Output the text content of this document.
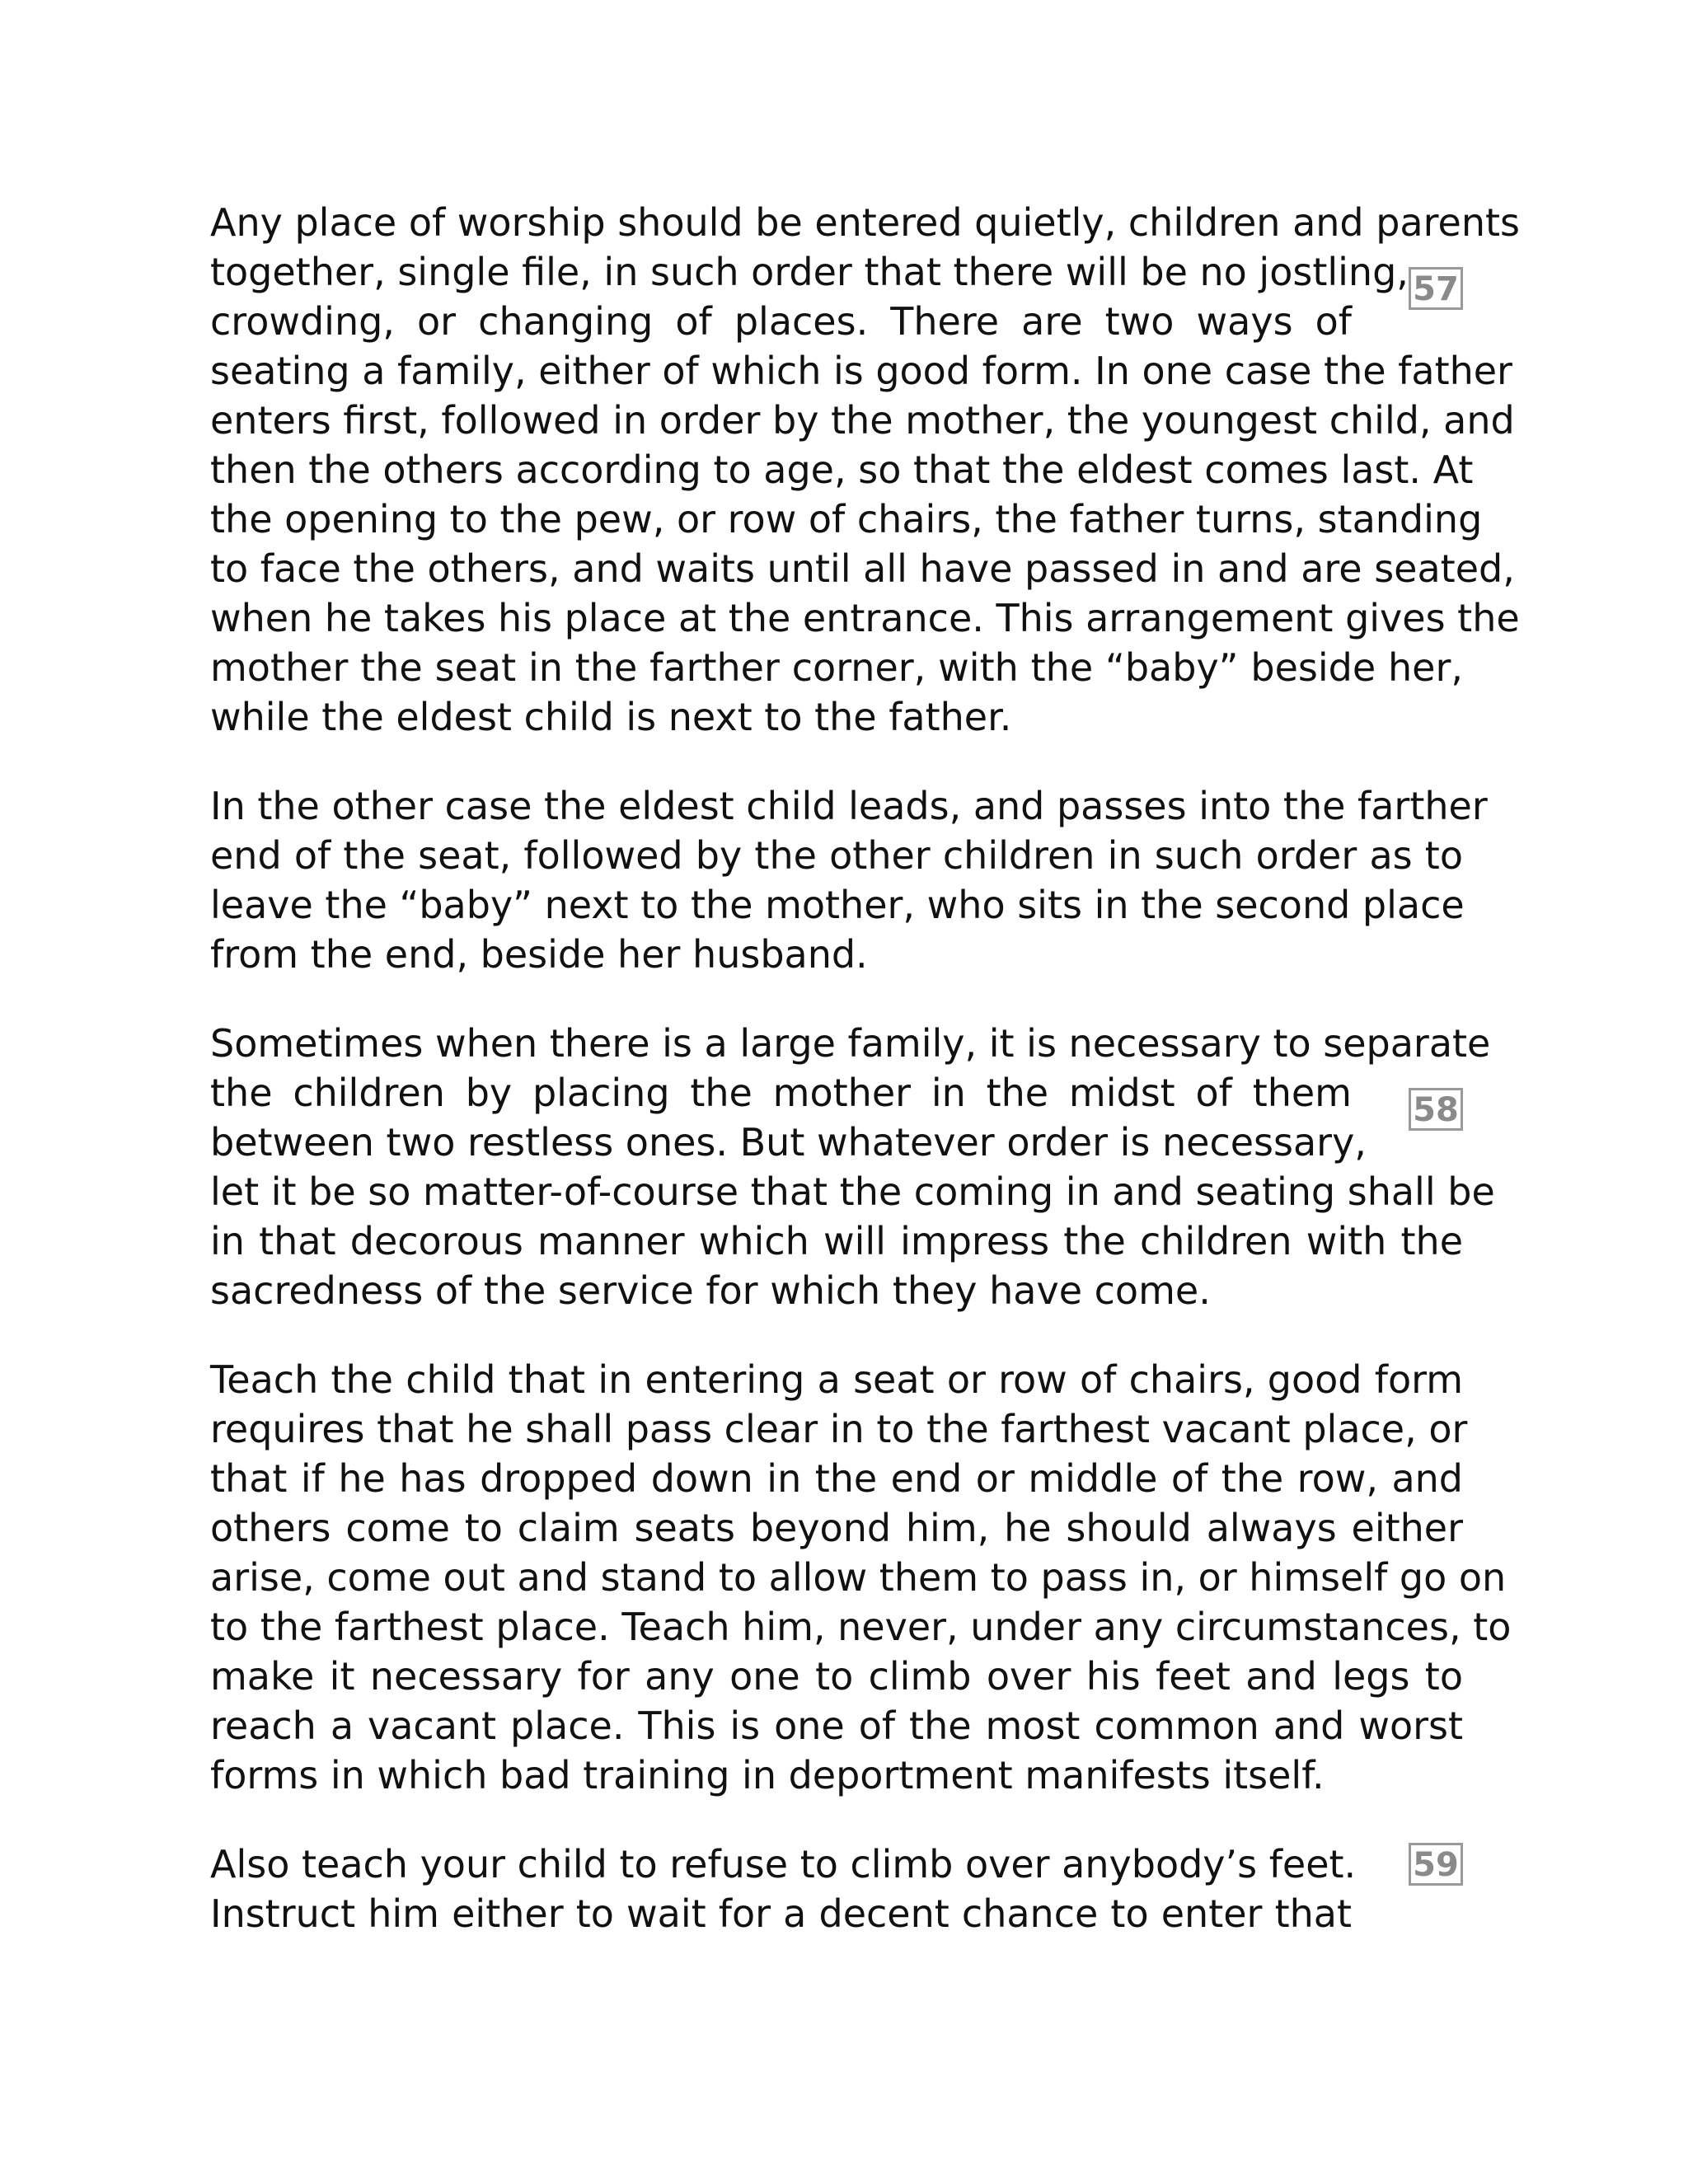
57

Any place of worship should be entered quietly, children and parents
together, single file, in such order that there will be no jostling,
crowding, or changing of places. There are two ways of
seating a family, either of which is good form. In one case the father
enters first, followed in order by the mother, the youngest child, and
then the others according to age, so that the eldest comes last. At
the opening to the pew, or row of chairs, the father turns, standing
to face the others, and waits until all have passed in and are seated,
when he takes his place at the entrance. This arrangement gives the
mother the seat in the farther corner, with the “baby” beside her,
while the eldest child is next to the father.

In the other case the eldest child leads, and passes into the farther
end of the seat, followed by the other children in such order as to
leave the “baby” next to the mother, who sits in the second place
from the end, beside her husband.

58

Sometimes when there is a large family, it is necessary to separate
the children by placing the mother in the midst of them
between two restless ones. But whatever order is necessary,
let it be so matter-of-course that the coming in and seating shall be
in that decorous manner which will impress the children with the
sacredness of the service for which they have come.

Teach the child that in entering a seat or row of chairs, good form
requires that he shall pass clear in to the farthest vacant place, or
that if he has dropped down in the end or middle of the row, and
others come to claim seats beyond him, he should always either
arise, come out and stand to allow them to pass in, or himself go on
to the farthest place. Teach him, never, under any circumstances, to
make it necessary for any one to climb over his feet and legs to
reach a vacant place. This is one of the most common and worst
forms in which bad training in deportment manifests itself.

59

Also teach your child to refuse to climb over anybody’s feet.
Instruct him either to wait for a decent chance to enter that
